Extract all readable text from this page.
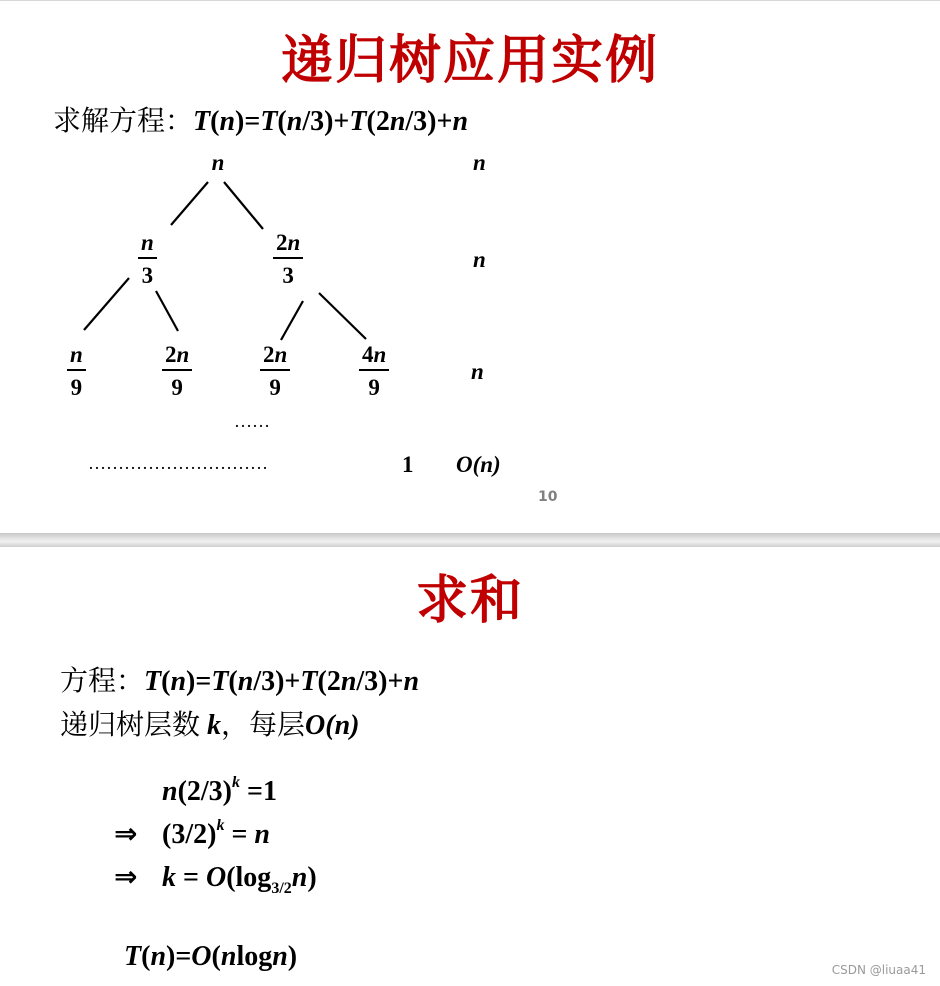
递归树应用实例
求解方程：T(n)=T(n/3)+T(2n/3)+n
n
$\frac{n}{3}$	$\frac{2n}{3}$
$\frac{n}{9}$	$\frac{2n}{9}$	$\frac{2n}{9}$	$\frac{4n}{9}$
……
…………………………	1
n
n
n
O(n)
10
求和
方程：T(n)=T(n/3)+T(2n/3)+n
递归树层数 k，每层O(n)
$n(2/3)^k =1$
⇒ $(3/2)^k = n$
⇒ $k = O(\log_{3/2}n)$
T(n)=O(nlogn)	CSDN @liuaa41
